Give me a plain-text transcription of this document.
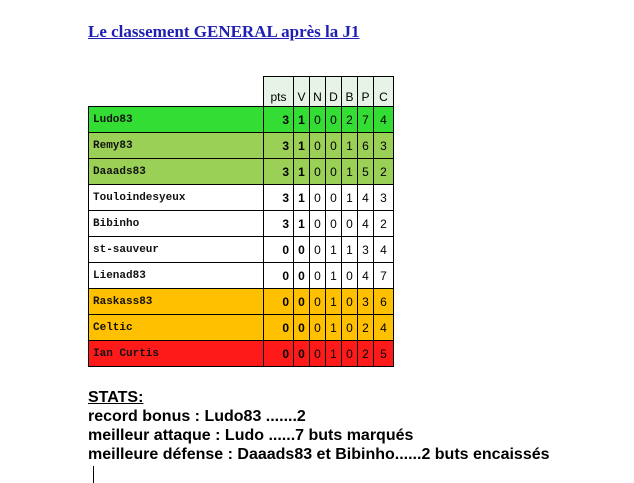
Le classement GENERAL après la J1
	pts	V	N	D	B	P	C
Ludo83	3	1	0	0	2	7	4
Remy83	3	1	0	0	1	6	3
Daaads83	3	1	0	0	1	5	2
Touloindesyeux	3	1	0	0	1	4	3
Bibinho	3	1	0	0	0	4	2
st-sauveur	0	0	0	1	1	3	4
Lienad83	0	0	0	1	0	4	7
Raskass83	0	0	0	1	0	3	6
Celtic	0	0	0	1	0	2	4
Ian Curtis	0	0	0	1	0	2	5
STATS:
record bonus : Ludo83 .......2
meilleur attaque : Ludo ......7 buts marqués
meilleure défense : Daaads83 et Bibinho......2 buts encaissés
